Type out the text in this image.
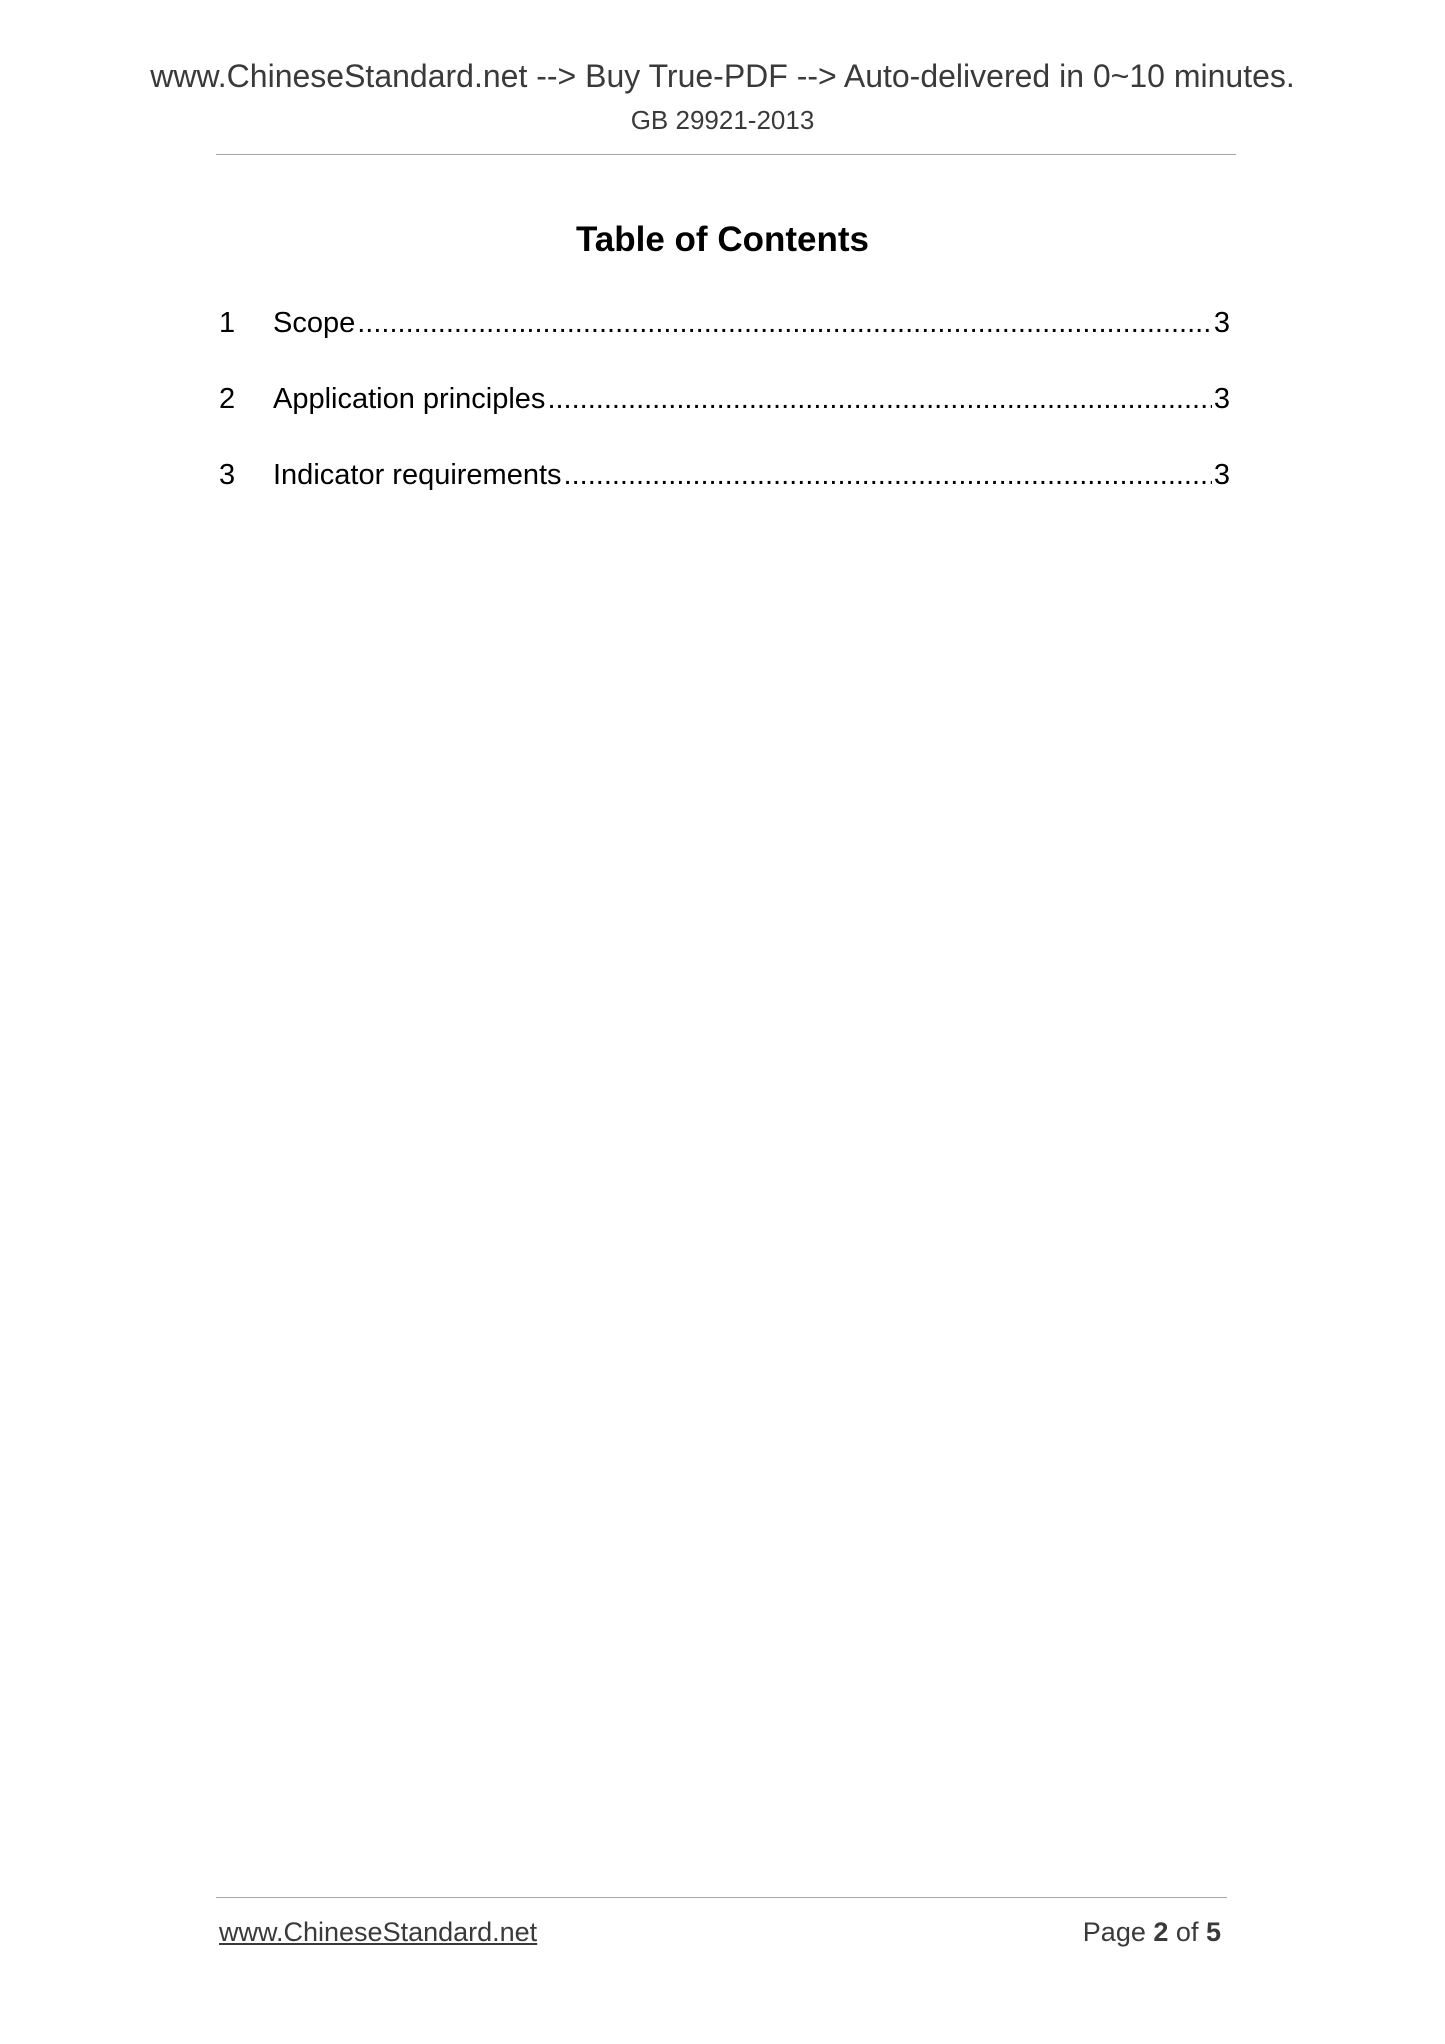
www.ChineseStandard.net --> Buy True-PDF --> Auto-delivered in 0~10 minutes.
GB 29921-2013
Table of Contents
1	Scope .....	3
2	Application principles .....	3
3	Indicator requirements .....	3
www.ChineseStandard.net	Page 2 of 5
